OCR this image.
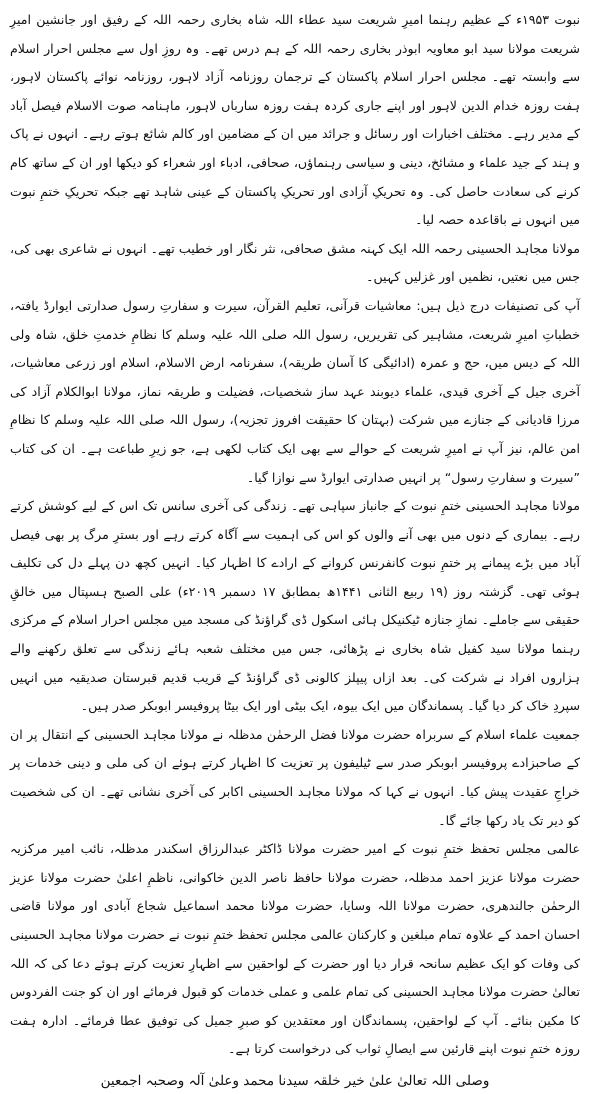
نبوت ۱۹۵۳ء کے عظیم رہنما امیرِ شریعت سید عطاء اللہ شاہ بخاری رحمہ اللہ کے رفیق اور جانشین امیرِ شریعت مولانا سید ابو معاویہ ابوذر بخاری رحمہ اللہ کے ہم درس تھے۔ وہ روزِ اول سے مجلس احرار اسلام سے وابستہ تھے۔ مجلس احرار اسلام پاکستان کے ترجمان روزنامہ آزاد لاہور، روزنامہ نوائے پاکستان لاہور، ہفت روزہ خدام الدین لاہور اور اپنے جاری کردہ ہفت روزہ سارباں لاہور، ماہنامہ صوت الاسلام فیصل آباد کے مدیر رہے۔ مختلف اخبارات اور رسائل و جرائد میں ان کے مضامین اور کالم شائع ہوتے رہے۔ انہوں نے پاک و ہند کے جید علماء و مشائخ، دینی و سیاسی رہنماؤں، صحافی، ادباء اور شعراء کو دیکھا اور ان کے ساتھ کام کرنے کی سعادت حاصل کی۔ وہ تحریکِ آزادی اور تحریکِ پاکستان کے عینی شاہد تھے جبکہ تحریکِ ختمِ نبوت میں انہوں نے باقاعدہ حصہ لیا۔

مولانا مجاہد الحسینی رحمہ اللہ ایک کہنہ مشق صحافی، نثر نگار اور خطیب تھے۔ انہوں نے شاعری بھی کی، جس میں نعتیں، نظمیں اور غزلیں کہیں۔

آپ کی تصنیفات درج ذیل ہیں: معاشیات قرآنی، تعلیم القرآن، سیرت و سفارتِ رسول صدارتی ایوارڈ یافتہ، خطباتِ امیرِ شریعت، مشاہیر کی تقریریں، رسول اللہ صلی اللہ علیہ وسلم کا نظامِ خدمتِ خلق، شاہ ولی اللہ کے دیس میں، حج و عمرہ (ادائیگی کا آسان طریقہ)، سفرنامہ ارض الاسلام، اسلام اور زرعی معاشیات، آخری جیل کے آخری قیدی، علماء دیوبند عہد ساز شخصیات، فضیلت و طریقہ نماز، مولانا ابوالکلام آزاد کی مرزا قادیانی کے جنازے میں شرکت (بہتان کا حقیقت افروز تجزیہ)، رسول اللہ صلی اللہ علیہ وسلم کا نظامِ امن عالم، نیز آپ نے امیرِ شریعت کے حوالے سے بھی ایک کتاب لکھی ہے، جو زیرِ طباعت ہے۔ ان کی کتاب ”سیرت و سفارتِ رسول“ پر انہیں صدارتی ایوارڈ سے نوازا گیا۔

مولانا مجاہد الحسینی ختمِ نبوت کے جانباز سپاہی تھے۔ زندگی کی آخری سانس تک اس کے لیے کوشش کرتے رہے۔ بیماری کے دنوں میں بھی آنے والوں کو اس کی اہمیت سے آگاہ کرتے رہے اور بسترِ مرگ پر بھی فیصل آباد میں بڑے پیمانے پر ختمِ نبوت کانفرنس کروانے کے ارادے کا اظہار کیا۔ انہیں کچھ دن پہلے دل کی تکلیف ہوئی تھی۔ گزشتہ روز (۱۹ ربیع الثانی ۱۴۴۱ھ بمطابق ۱۷ دسمبر ۲۰۱۹ء) علی الصبح ہسپتال میں خالقِ حقیقی سے جاملے۔ نمازِ جنازہ ٹیکنیکل ہائی اسکول ڈی گراؤنڈ کی مسجد میں مجلس احرار اسلام کے مرکزی رہنما مولانا سید کفیل شاہ بخاری نے پڑھائی، جس میں مختلف شعبہ ہائے زندگی سے تعلق رکھنے والے ہزاروں افراد نے شرکت کی۔ بعد ازاں پیپلز کالونی ڈی گراؤنڈ کے قریب قدیم قبرستان صدیقیہ میں انہیں سپردِ خاک کر دیا گیا۔ پسماندگان میں ایک بیوہ، ایک بیٹی اور ایک بیٹا پروفیسر ابوبکر صدر ہیں۔

جمعیت علماء اسلام کے سربراہ حضرت مولانا فضل الرحمٰن مدظلہ نے مولانا مجاہد الحسینی کے انتقال پر ان کے صاحبزادے پروفیسر ابوبکر صدر سے ٹیلیفون پر تعزیت کا اظہار کرتے ہوئے ان کی ملی و دینی خدمات پر خراجِ عقیدت پیش کیا۔ انہوں نے کہا کہ مولانا مجاہد الحسینی اکابر کی آخری نشانی تھے۔ ان کی شخصیت کو دیر تک یاد رکھا جائے گا۔

عالمی مجلس تحفظ ختمِ نبوت کے امیر حضرت مولانا ڈاکٹر عبدالرزاق اسکندر مدظلہ، نائب امیر مرکزیہ حضرت مولانا عزیز احمد مدظلہ، حضرت مولانا حافظ ناصر الدین خاکوانی، ناظمِ اعلیٰ حضرت مولانا عزیز الرحمٰن جالندھری، حضرت مولانا اللہ وسایا، حضرت مولانا محمد اسماعیل شجاع آبادی اور مولانا قاضی احسان احمد کے علاوہ تمام مبلغین و کارکنان عالمی مجلس تحفظ ختمِ نبوت نے حضرت مولانا مجاہد الحسینی کی وفات کو ایک عظیم سانحہ قرار دیا اور حضرت کے لواحقین سے اظہارِ تعزیت کرتے ہوئے دعا کی کہ اللہ تعالیٰ حضرت مولانا مجاہد الحسینی کی تمام علمی و عملی خدمات کو قبول فرمائے اور ان کو جنت الفردوس کا مکین بنائے۔ آپ کے لواحقین، پسماندگان اور معتقدین کو صبرِ جمیل کی توفیق عطا فرمائے۔ ادارہ ہفت روزہ ختمِ نبوت اپنے قارئین سے ایصالِ ثواب کی درخواست کرتا ہے۔

وصلی اللہ تعالیٰ علیٰ خیر خلقہ سیدنا محمد وعلیٰ آلہ وصحبہ اجمعین
